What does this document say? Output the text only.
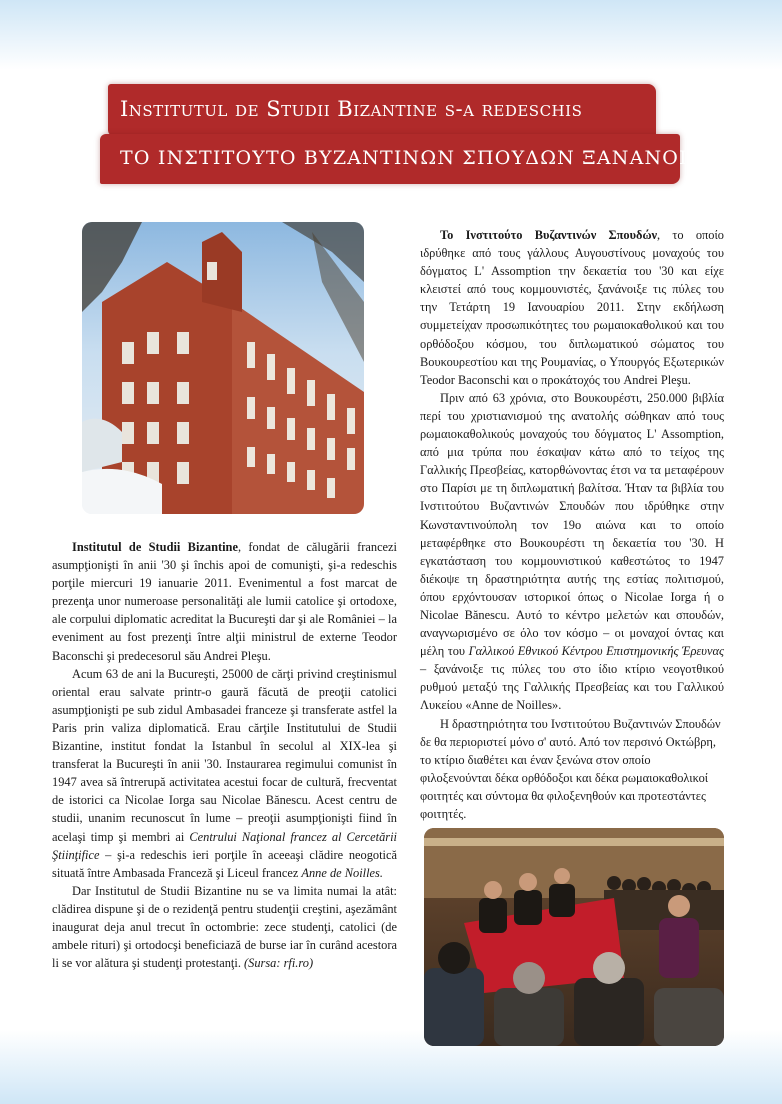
Institutul de Studii Bizantine s-a redeschis
ΤΟ ΙΝΣΤΙΤΟΥΤΟ ΒΥΖΑΝΤΙΝΩΝ ΣΠΟΥΔΩΝ ΞΑΝΑΝΟΙΞΕ

Institutul de Studii Bizantine, fondat de călugării francezi asumpţionişti în anii '30 şi închis apoi de comunişti, şi-a redeschis porţile miercuri 19 ianuarie 2011. Evenimentul a fost marcat de prezenţa unor numeroase personalităţi ale lumii catolice şi ortodoxe, ale corpului diplomatic acreditat la Bucureşti dar şi ale României – la eveniment au fost prezenţi între alţii ministrul de externe Teodor Baconschi şi predecesorul său Andrei Pleşu.

Acum 63 de ani la Bucureşti, 25000 de cărţi privind creştinismul oriental erau salvate printr-o gaură făcută de preoţii catolici asumpţionişti pe sub zidul Ambasadei franceze şi transferate astfel la Paris prin valiza diplomatică. Erau cărţile Institutului de Studii Bizantine, institut fondat la Istanbul în secolul al XIX-lea şi transferat la Bucureşti în anii '30. Instaurarea regimului comunist în 1947 avea să întrerupă activitatea acestui focar de cultură, frecventat de istorici ca Nicolae Iorga sau Nicolae Bănescu. Acest centru de studii, unanim recunoscut în lume – preoţii asumpţionişti fiind în acelaşi timp şi membri ai Centrului Naţional francez al Cercetării Ştiinţifice – şi-a redeschis ieri porţile în aceeaşi clădire neogotică situată între Ambasada Franceză şi Liceul francez Anne de Noilles.

Dar Institutul de Studii Bizantine nu se va limita numai la atât: clădirea dispune şi de o rezidenţă pentru studenţii creştini, aşezământ inaugurat deja anul trecut în octombrie: zece studenţi, catolici (de ambele rituri) şi ortodocşi beneficiază de burse iar în curând acestora li se vor alătura şi studenţi protestanţi. (Sursa: rfi.ro)

Το Ινστιτούτο Βυζαντινών Σπουδών, το οποίο ιδρύθηκε από τους γάλλους Αυγουστίνους μοναχούς του δόγματος L' Assomption την δεκαετία του '30 και είχε κλειστεί από τους κομμουνιστές, ξανάνοιξε τις πύλες του την Τετάρτη 19 Ιανουαρίου 2011. Στην εκδήλωση συμμετείχαν προσωπικότητες του ρωμαιοκαθολικού και του ορθόδοξου κόσμου, του διπλωματικού σώματος του Βουκουρεστίου και της Ρουμανίας, ο Υπουργός Εξωτερικών Teodor Baconschi και ο προκάτοχός του Andrei Pleşu.

Πριν από 63 χρόνια, στο Βουκουρέστι, 250.000 βιβλία περί του χριστιανισμού της ανατολής σώθηκαν από τους ρωμαιοκαθολικούς μοναχούς του δόγματος L' Assomption, από μια τρύπα που έσκαψαν κάτω από το τείχος της Γαλλικής Πρεσβείας, κατορθώνοντας έτσι να τα μεταφέρουν στο Παρίσι με τη διπλωματική βαλίτσα. Ήταν τα βιβλία του Ινστιτούτου Βυζαντινών Σπουδών που ιδρύθηκε στην Κωνσταντινούπολη τον 19ο αιώνα και το οποίο μεταφέρθηκε στο Βουκουρέστι τη δεκαετία του '30. Η εγκατάσταση του κομμουνιστικού καθεστώτος το 1947 διέκοψε τη δραστηριότητα αυτής της εστίας πολιτισμού, όπου ερχόντουσαν ιστορικοί όπως ο Nicolae Iorga ή ο Nicolae Bănescu. Αυτό το κέντρο μελετών και σπουδών, αναγνωρισμένο σε όλο τον κόσμο – οι μοναχοί όντας και μέλη του Γαλλικού Εθνικού Κέντρου Επιστημονικής Έρευνας – ξανάνοιξε τις πύλες του στο ίδιο κτίριο νεογοτθικού ρυθμού μεταξύ της Γαλλικής Πρεσβείας και του Γαλλικού Λυκείου «Anne de Noilles».

Η δραστηριότητα του Ινστιτούτου Βυζαντινών Σπουδών δε θα περιοριστεί μόνο σ' αυτό. Από τον περσινό Οκτώβρη, το κτίριο διαθέτει και έναν ξενώνα στον οποίο φιλοξενούνται δέκα ορθόδοξοι και δέκα ρωμαιοκαθολικοί φοιτητές και σύντομα θα φιλοξενηθούν και προτεστάντες φοιτητές.
